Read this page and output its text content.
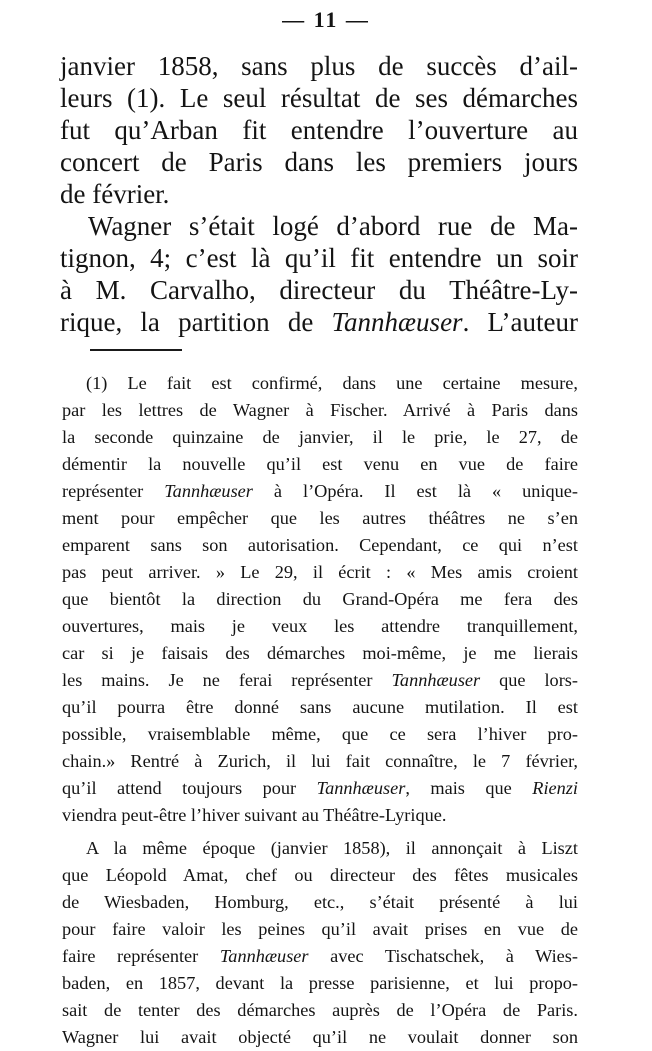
— 11 —
janvier 1858, sans plus de succès d’ail-
leurs (1). Le seul résultat de ses démarches
fut qu’Arban fit entendre l’ouverture au
concert de Paris dans les premiers jours
de février.
Wagner s’était logé d’abord rue de Ma-
tignon, 4; c’est là qu’il fit entendre un soir
à M. Carvalho, directeur du Théâtre-Ly-
rique, la partition de Tannhæuser. L’auteur
(1) Le fait est confirmé, dans une certaine mesure,
par les lettres de Wagner à Fischer. Arrivé à Paris dans
la seconde quinzaine de janvier, il le prie, le 27, de
démentir la nouvelle qu’il est venu en vue de faire
représenter Tannhæuser à l’Opéra. Il est là « unique-
ment pour empêcher que les autres théâtres ne s’en
emparent sans son autorisation. Cependant, ce qui n’est
pas peut arriver. » Le 29, il écrit : « Mes amis croient
que bientôt la direction du Grand-Opéra me fera des
ouvertures, mais je veux les attendre tranquillement,
car si je faisais des démarches moi-même, je me lierais
les mains. Je ne ferai représenter Tannhæuser que lors-
qu’il pourra être donné sans aucune mutilation. Il est
possible, vraisemblable même, que ce sera l’hiver pro-
chain.» Rentré à Zurich, il lui fait connaître, le 7 février,
qu’il attend toujours pour Tannhæuser, mais que Rienzi
viendra peut-être l’hiver suivant au Théâtre-Lyrique.
A la même époque (janvier 1858), il annonçait à Liszt
que Léopold Amat, chef ou directeur des fêtes musicales
de Wiesbaden, Homburg, etc., s’était présenté à lui
pour faire valoir les peines qu’il avait prises en vue de
faire représenter Tannhæuser avec Tischatschek, à Wies-
baden, en 1857, devant la presse parisienne, et lui propo-
sait de tenter des démarches auprès de l’Opéra de Paris.
Wagner lui avait objecté qu’il ne voulait donner son
